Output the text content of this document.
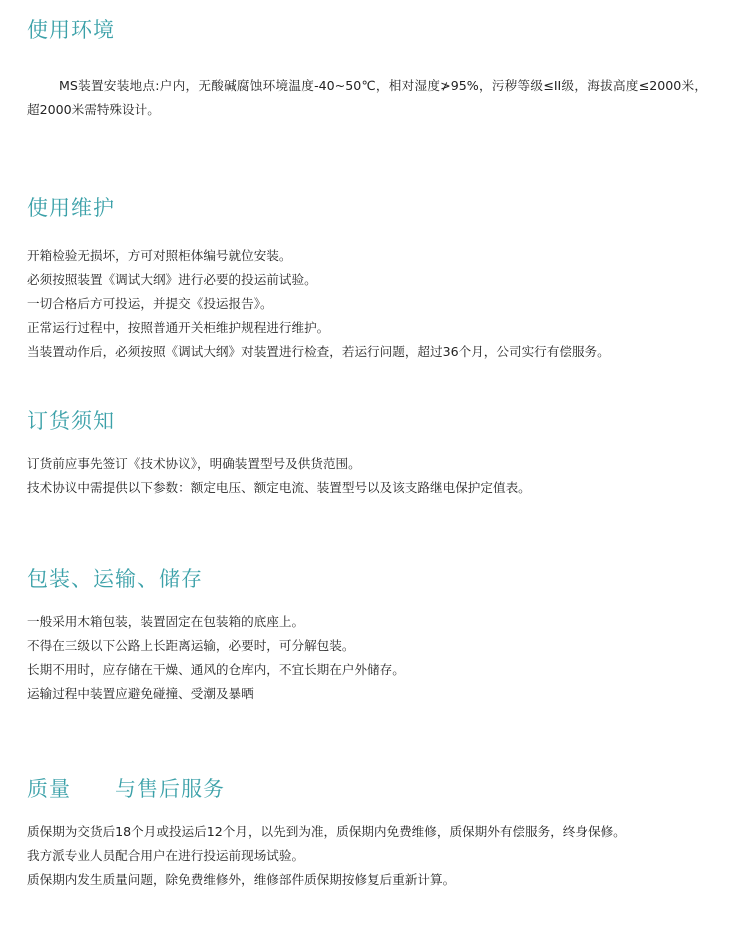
使用环境

MS装置安装地点:户内，无酸碱腐蚀环境温度-40~50℃，相对湿度≯95%，污秽等级≤II级，海拔高度≤2000米，超2000米需特殊设计。

使用维护
开箱检验无损坏，方可对照柜体编号就位安装。
必须按照装置《调试大纲》进行必要的投运前试验。
一切合格后方可投运，并提交《投运报告》。
正常运行过程中，按照普通开关柜维护规程进行维护。
当装置动作后，必须按照《调试大纲》对装置进行检查，若运行问题，超过36个月，公司实行有偿服务。
订货须知
订货前应事先签订《技术协议》，明确装置型号及供货范围。
技术协议中需提供以下参数：额定电压、额定电流、装置型号以及该支路继电保护定值表。
包装、运输、储存
一般采用木箱包装，装置固定在包装箱的底座上。
不得在三级以下公路上长距离运输，必要时，可分解包装。
长期不用时，应存储在干燥、通风的仓库内，不宜长期在户外储存。
运输过程中装置应避免碰撞、受潮及暴晒
质量 与售后服务
质保期为交货后18个月或投运后12个月，以先到为准，质保期内免费维修，质保期外有偿服务，终身保修。
我方派专业人员配合用户在进行投运前现场试验。
质保期内发生质量问题，除免费维修外，维修部件质保期按修复后重新计算。
